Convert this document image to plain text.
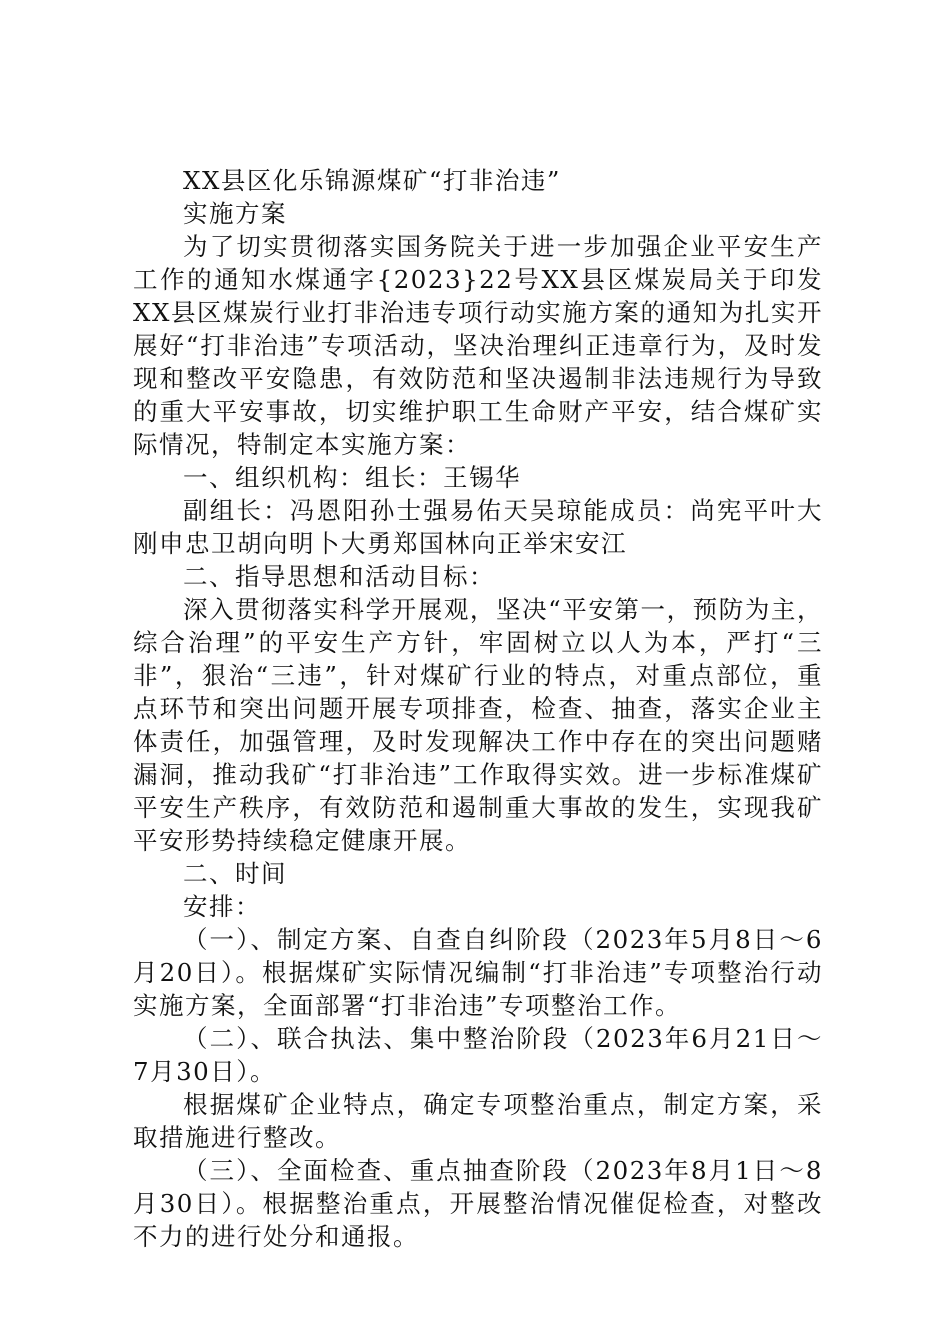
XX县区化乐锦源煤矿“打非治违”

实施方案

为了切实贯彻落实国务院关于进一步加强企业平安生产工作的通知水煤通字{2023}22号XX县区煤炭局关于印发XX县区煤炭行业打非治违专项行动实施方案的通知为扎实开展好“打非治违”专项活动，坚决治理纠正违章行为，及时发现和整改平安隐患，有效防范和坚决遏制非法违规行为导致的重大平安事故，切实维护职工生命财产平安，结合煤矿实际情况，特制定本实施方案：

一、组织机构：组长：王锡华

副组长：冯恩阳孙士强易佑天吴琼能成员：尚宪平叶大刚申忠卫胡向明卜大勇郑国林向正举宋安江

二、指导思想和活动目标：

深入贯彻落实科学开展观，坚决“平安第一，预防为主，综合治理”的平安生产方针，牢固树立以人为本，严打“三非”，狠治“三违”，针对煤矿行业的特点，对重点部位，重点环节和突出问题开展专项排查，检查、抽查，落实企业主体责任，加强管理，及时发现解决工作中存在的突出问题赌漏洞，推动我矿“打非治违”工作取得实效。进一步标准煤矿平安生产秩序，有效防范和遏制重大事故的发生，实现我矿平安形势持续稳定健康开展。

二、时间

安排：

（一）、制定方案、自查自纠阶段（2023年5月8日～6月20日）。根据煤矿实际情况编制“打非治违”专项整治行动实施方案，全面部署“打非治违”专项整治工作。

（二）、联合执法、集中整治阶段（2023年6月21日～7月30日）。

根据煤矿企业特点，确定专项整治重点，制定方案，采取措施进行整改。

（三）、全面检查、重点抽查阶段（2023年8月1日～8月30日）。根据整治重点，开展整治情况催促检查，对整改不力的进行处分和通报。
